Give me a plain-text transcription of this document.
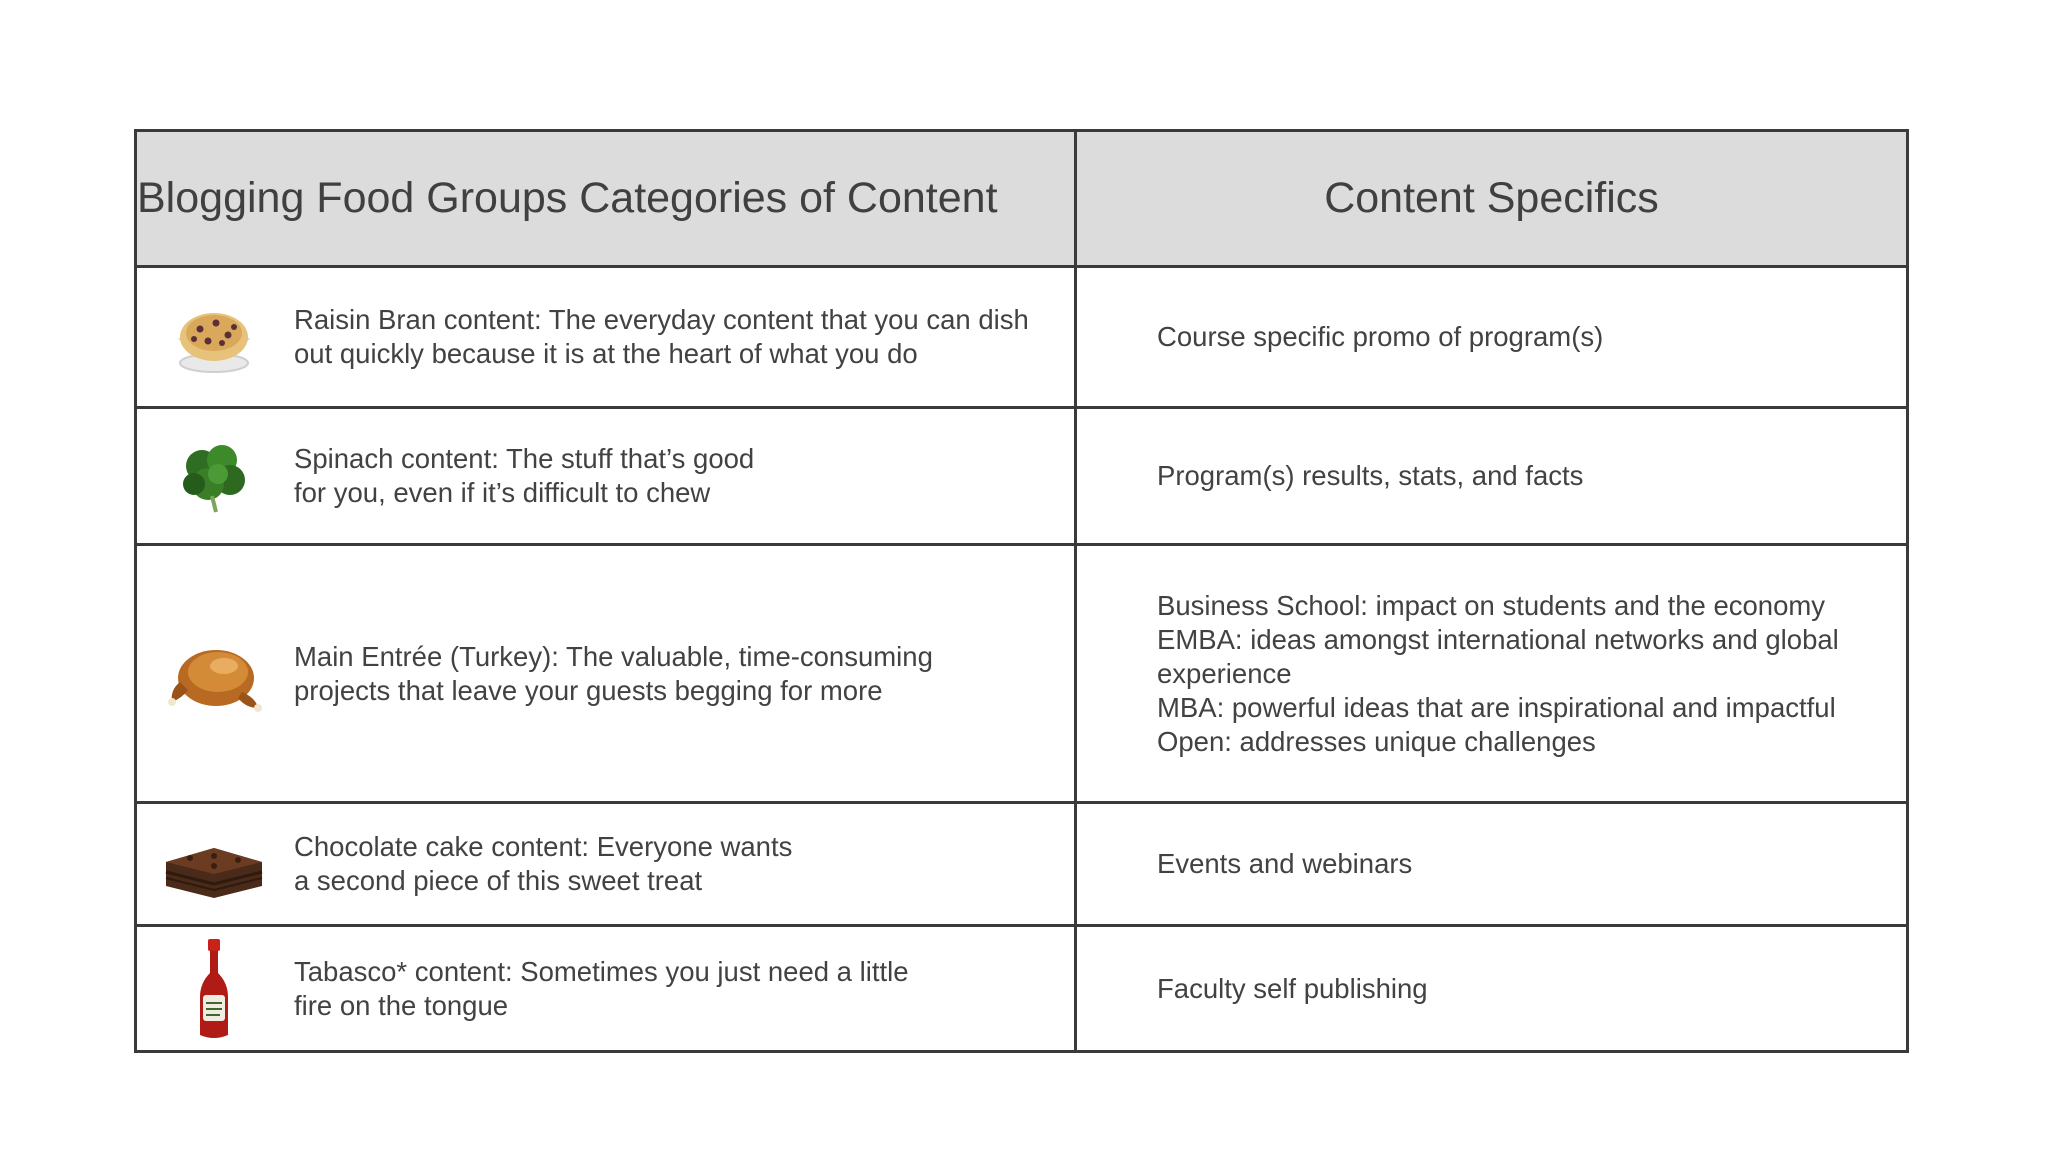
Blogging Food Groups Categories of Content	Content Specifics

Raisin Bran content: The everyday content that you can dish
out quickly because it is at the heart of what you do	Course specific promo of program(s)

Spinach content: The stuff that’s good
for you, even if it’s difficult to chew	Program(s) results, stats, and facts

Main Entrée (Turkey): The valuable, time-consuming
projects that leave your guests begging for more	Business School: impact on students and the economy
EMBA: ideas amongst international networks and global experience
MBA: powerful ideas that are inspirational and impactful
Open: addresses unique challenges

Chocolate cake content: Everyone wants
a second piece of this sweet treat	Events and webinars

Tabasco* content: Sometimes you just need a little
fire on the tongue	Faculty self publishing
